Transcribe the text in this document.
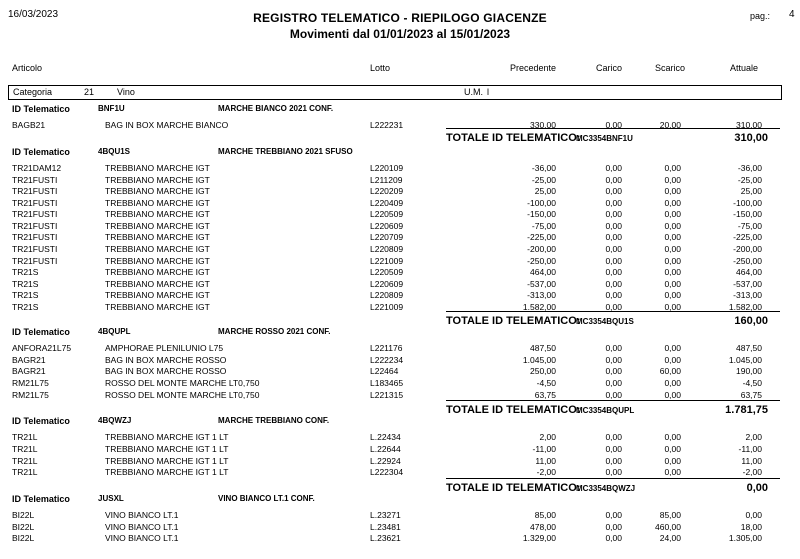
16/03/2023	REGISTRO TELEMATICO - RIEPILOGO GIACENZE
Movimenti dal 01/01/2023 al 15/01/2023
pag.: 4
Articolo	Lotto	Precedente	Carico	Scarico	Attuale
Categoria	21	Vino	U.M. l
ID Telematico	BNF1U	MARCHE BIANCO 2021 CONF.
BAGB21	BAG IN BOX MARCHE BIANCO	L222231	330,00	0,00	20,00	310,00
TOTALE ID TELEMATICO:
MC3354BNF1U	310,00
ID Telematico	4BQU1S	MARCHE TREBBIANO 2021 SFUSO
TR21DAM12	TREBBIANO MARCHE IGT	L220109	-36,00	0,00	0,00	-36,00
TR21FUSTI	TREBBIANO MARCHE IGT	L211209	-25,00	0,00	0,00	-25,00
TR21FUSTI	TREBBIANO MARCHE IGT	L220209	25,00	0,00	0,00	25,00
TR21FUSTI	TREBBIANO MARCHE IGT	L220409	-100,00	0,00	0,00	-100,00
TR21FUSTI	TREBBIANO MARCHE IGT	L220509	-150,00	0,00	0,00	-150,00
TR21FUSTI	TREBBIANO MARCHE IGT	L220609	-75,00	0,00	0,00	-75,00
TR21FUSTI	TREBBIANO MARCHE IGT	L220709	-225,00	0,00	0,00	-225,00
TR21FUSTI	TREBBIANO MARCHE IGT	L220809	-200,00	0,00	0,00	-200,00
TR21FUSTI	TREBBIANO MARCHE IGT	L221009	-250,00	0,00	0,00	-250,00
TR21S	TREBBIANO MARCHE IGT	L220509	464,00	0,00	0,00	464,00
TR21S	TREBBIANO MARCHE IGT	L220609	-537,00	0,00	0,00	-537,00
TR21S	TREBBIANO MARCHE IGT	L220809	-313,00	0,00	0,00	-313,00
TR21S	TREBBIANO MARCHE IGT	L221009	1.582,00	0,00	0,00	1.582,00
TOTALE ID TELEMATICO:
MC3354BQU1S	160,00
ID Telematico	4BQUPL	MARCHE ROSSO 2021 CONF.
ANFORA21L75	AMPHORAE PLENILUNIO L75	L221176	487,50	0,00	0,00	487,50
BAGR21	BAG IN BOX MARCHE ROSSO	L222234	1.045,00	0,00	0,00	1.045,00
BAGR21	BAG IN BOX MARCHE ROSSO	L22464	250,00	0,00	60,00	190,00
RM21L75	ROSSO DEL MONTE MARCHE LT0,750	L183465	-4,50	0,00	0,00	-4,50
RM21L75	ROSSO DEL MONTE MARCHE LT0,750	L221315	63,75	0,00	0,00	63,75
TOTALE ID TELEMATICO:
MC3354BQUPL	1.781,75
ID Telematico	4BQWZJ	MARCHE TREBBIANO CONF.
TR21L	TREBBIANO MARCHE IGT 1 LT	L.22434	2,00	0,00	0,00	2,00
TR21L	TREBBIANO MARCHE IGT 1 LT	L.22644	-11,00	0,00	0,00	-11,00
TR21L	TREBBIANO MARCHE IGT 1 LT	L.22924	11,00	0,00	0,00	11,00
TR21L	TREBBIANO MARCHE IGT 1 LT	L222304	-2,00	0,00	0,00	-2,00
TOTALE ID TELEMATICO:
MC3354BQWZJ	0,00
ID Telematico	JUSXL	VINO BIANCO LT.1 CONF.
BI22L	VINO BIANCO LT.1	L.23271	85,00	0,00	85,00	0,00
BI22L	VINO BIANCO LT.1	L.23481	478,00	0,00	460,00	18,00
BI22L	VINO BIANCO LT.1	L.23621	1.329,00	0,00	24,00	1.305,00
